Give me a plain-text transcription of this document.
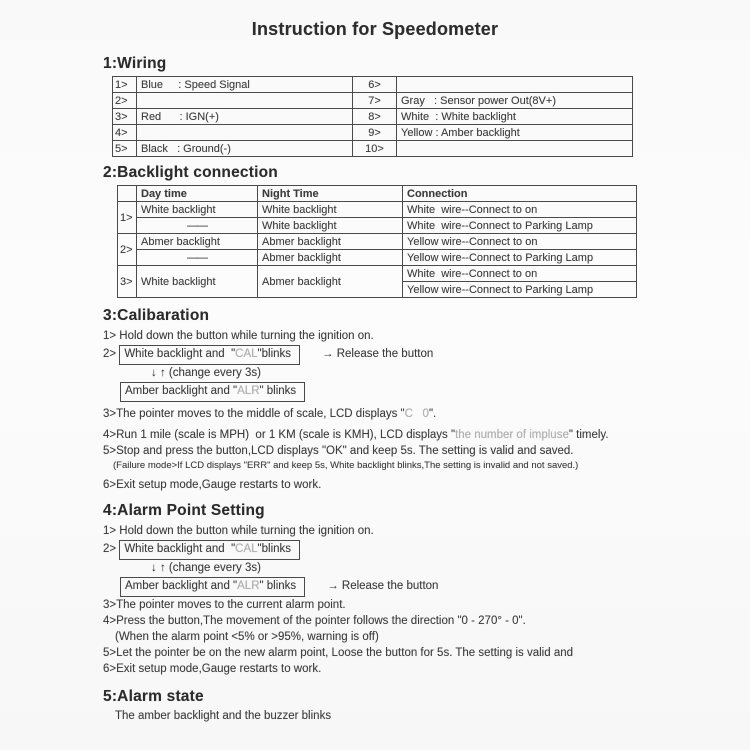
Instruction for Speedometer
1:Wiring
1>	Blue     : Speed Signal	6>	
2>		7>	Gray   : Sensor power Out(8V+)
3>	Red      : IGN(+)	8>	White  : White backlight
4>		9>	Yellow : Amber backlight
5>	Black   : Ground(-)	10>	
2:Backlight connection
	Day time	Night Time	Connection
1>	White backlight	White backlight	White  wire--Connect to on
	——	White backlight	White  wire--Connect to Parking Lamp
2>	Abmer backlight	Abmer backlight	Yellow wire--Connect to on
	——	Abmer backlight	Yellow wire--Connect to Parking Lamp
3>	White backlight	Abmer backlight	White  wire--Connect to on
			Yellow wire--Connect to Parking Lamp
3:Calibaration
1> Hold down the button while turning the ignition on.
2> White backlight and  "CAL"blinks	→ Release the button
↓ ↑ (change every 3s)
Amber backlight and "ALR" blinks
3>The pointer moves to the middle of scale, LCD displays "C   0".
4>Run 1 mile (scale is MPH)  or 1 KM (scale is KMH), LCD displays "the number of impluse" timely.
5>Stop and press the button,LCD displays "OK" and keep 5s. The setting is valid and saved.
(Failure mode>If LCD displays "ERR" and keep 5s, White backlight blinks,The setting is invalid and not saved.)
6>Exit setup mode,Gauge restarts to work.
4:Alarm Point Setting
1> Hold down the button while turning the ignition on.
2> White backlight and  "CAL"blinks
↓ ↑ (change every 3s)
Amber backlight and "ALR" blinks	→ Release the button
3>The pointer moves to the current alarm point.
4>Press the button,The movement of the pointer follows the direction "0 - 270° - 0".
(When the alarm point <5% or >95%, warning is off)
5>Let the pointer be on the new alarm point, Loose the button for 5s. The setting is valid and
6>Exit setup mode,Gauge restarts to work.
5:Alarm state
The amber backlight and the buzzer blinks
